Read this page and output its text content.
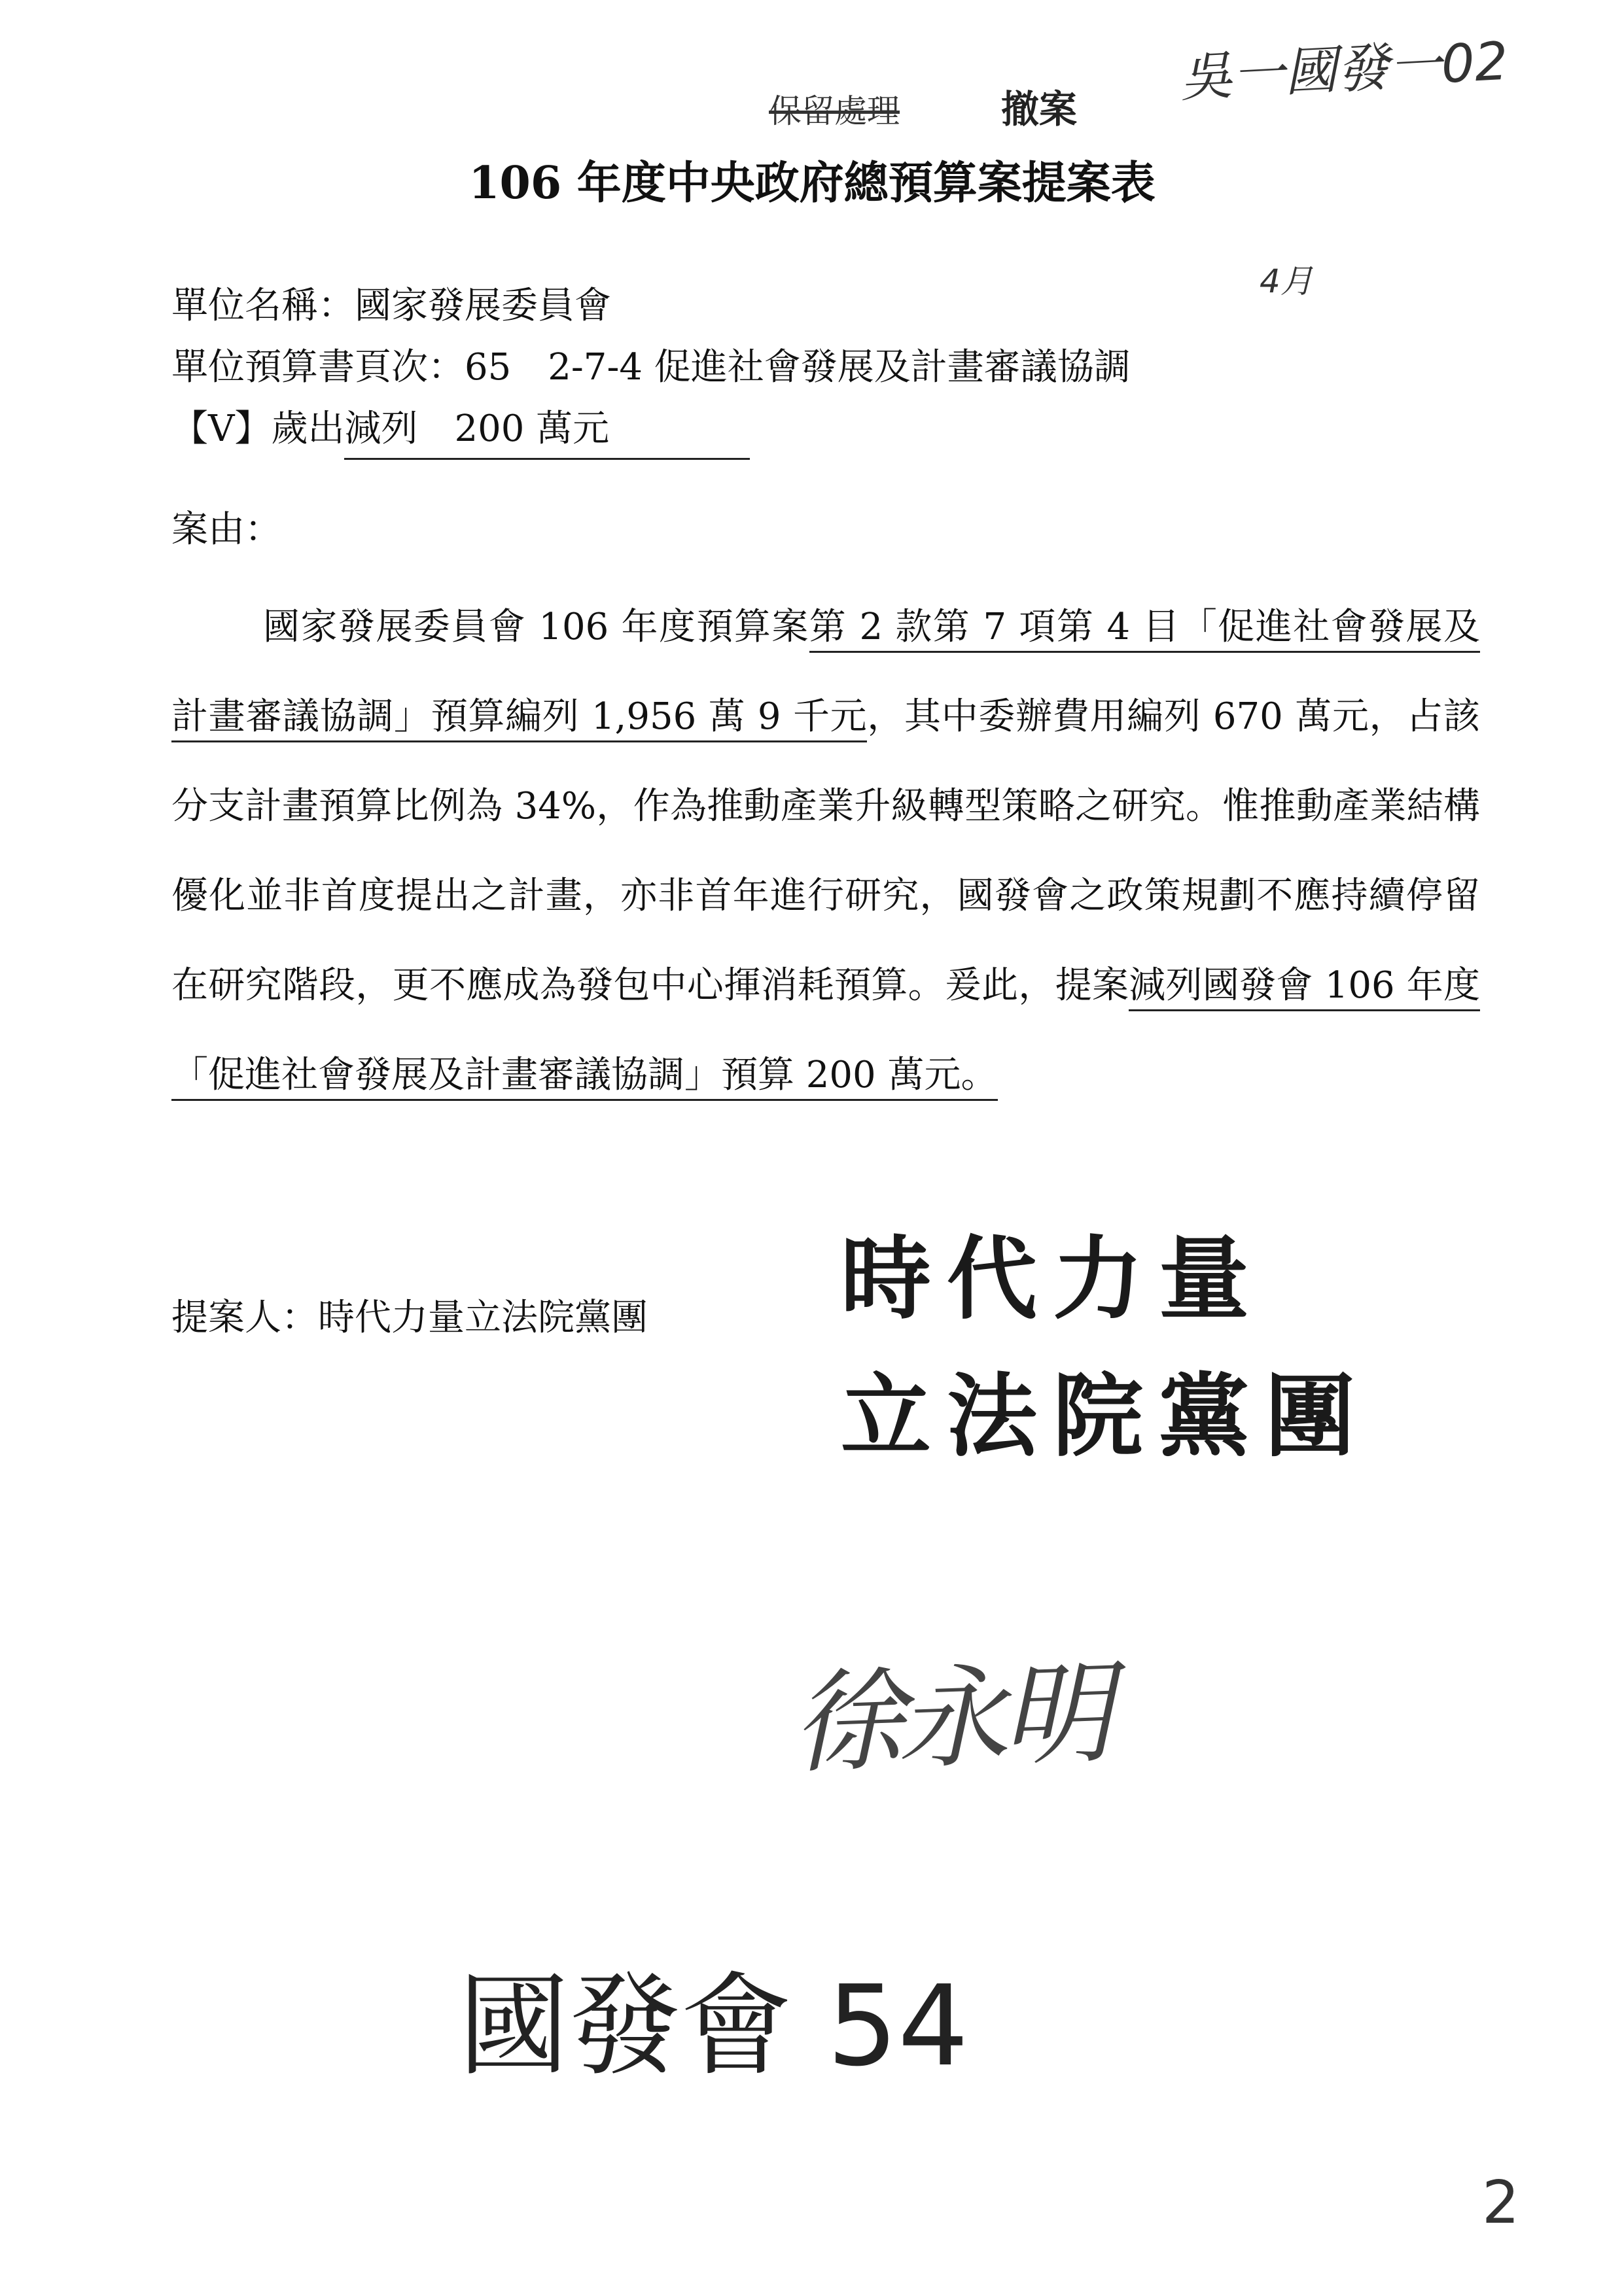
保留處理	撤案
吳一國發一02
106 年度中央政府總預算案提案表
4月
單位名稱：國家發展委員會
單位預算書頁次：65　2-7-4 促進社會發展及計畫審議協調
【V】歲出減列　200 萬元
案由：

國家發展委員會 106 年度預算案第 2 款第 7 項第 4 目「促進社會發展及計畫審議協調」預算編列 1,956 萬 9 千元，其中委辦費用編列 670 萬元，占該分支計畫預算比例為 34%，作為推動產業升級轉型策略之研究。惟推動產業結構優化並非首度提出之計畫，亦非首年進行研究，國發會之政策規劃不應持續停留在研究階段，更不應成為發包中心揮消耗預算。爰此，提案減列國發會 106 年度「促進社會發展及計畫審議協調」預算 200 萬元。

提案人：時代力量立法院黨團 時代力量
立法院黨團
徐永明
國發會 54
2
